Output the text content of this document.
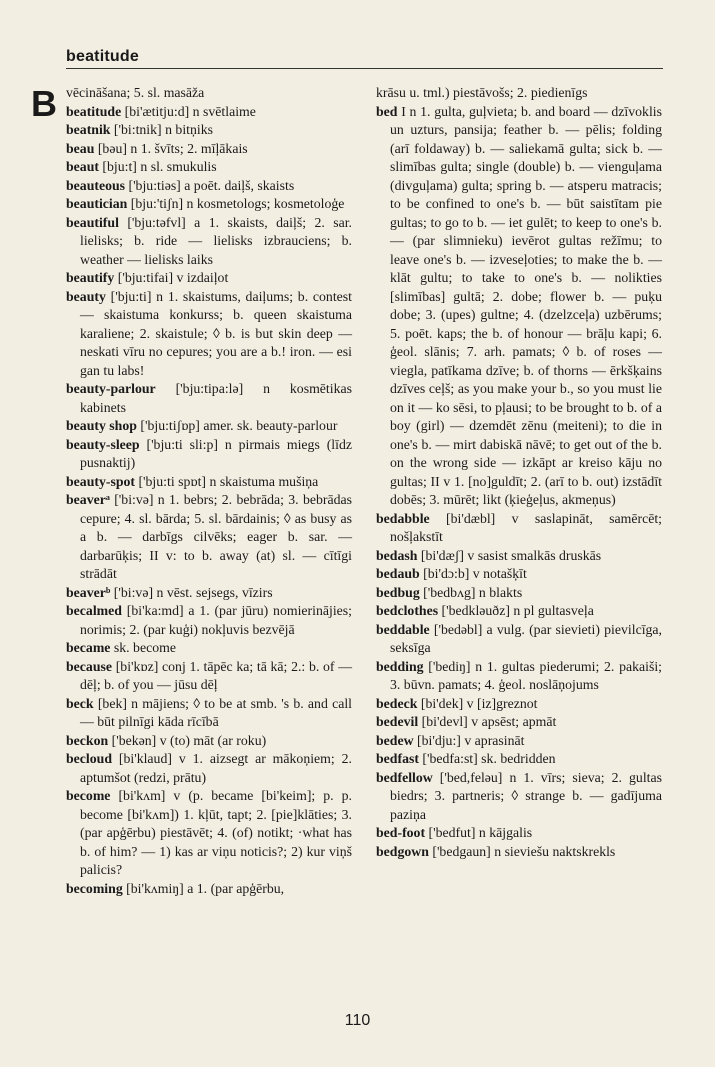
beatitude
B vēcināšana; 5. sl. masāža

beatitude [bi'ætitju:d] n svētlaime

beatnik ['bi:tnik] n bitņiks

beau [bəu] n 1. švīts; 2. mīļākais

beaut [bju:t] n sl. smukulis

beauteous ['bju:tiəs] a poēt. daiļš, skaists

beautician [bju:'tiʃn] n kosmetologs; kosmetoloģe

beautiful ['bju:təfvl] a 1. skaists, daiļš; 2. sar. lielisks; b. ride — lielisks izbrauciens; b. weather — lielisks laiks

beautify ['bju:tifai] v izdaiļot

beauty ['bju:ti] n 1. skaistums, daiļums; b. contest — skaistuma konkurss; b. queen skaistuma karaliene; 2. skaistule; ◊ b. is but skin deep — neskati vīru no cepures; you are a b.! iron. — esi gan tu labs!

beauty-parlour ['bju:tipa:lə] n kosmētikas kabinets

beauty shop ['bju:tiʃɒp] amer. sk. beauty-parlour

beauty-sleep ['bju:ti sli:p] n pirmais miegs (līdz pusnaktij)

beauty-spot ['bju:ti spɒt] n skaistuma mušiņa

beaverᵃ ['bi:və] n 1. bebrs; 2. bebrāda; 3. bebrādas cepure; 4. sl. bārda; 5. sl. bārdainis; ◊ as busy as a b. — darbīgs cilvēks; eager b. sar. — darbarūķis; II v: to b. away (at) sl. — cītīgi strādāt

beaverᵇ ['bi:və] n vēst. sejsegs, vīzirs

becalmed [bi'ka:md] a 1. (par jūru) nomierinājies; norimis; 2. (par kuģi) nokļuvis bezvējā

became sk. become

because [bi'kɒz] conj 1. tāpēc ka; tā kā; 2.: b. of — dēļ; b. of you — jūsu dēļ

beck [bek] n mājiens; ◊ to be at smb. 's b. and call — būt pilnīgi kāda rīcībā

beckon ['bekən] v (to) māt (ar roku)

becloud [bi'klaud] v 1. aizsegt ar mākoņiem; 2. aptumšot (redzi, prātu)

become [bi'kʌm] v (p. became [bi'keim]; p. p. become [bi'kʌm]) 1. kļūt, tapt; 2. [pie]klāties; 3. (par apģērbu) piestāvēt; 4. (of) notikt; ·what has b. of him? — 1) kas ar viņu noticis?; 2) kur viņš palicis?

becoming [bi'kʌmiŋ] a 1. (par apģērbu,

krāsu u. tml.) piestāvošs; 2. piedienīgs

bed I n 1. gulta, guļvieta; b. and board — dzīvoklis un uzturs, pansija; feather b. — pēlis; folding (arī foldaway) b. — saliekamā gulta; sick b. — slimības gulta; single (double) b. — vienguļama (divguļama) gulta; spring b. — atsperu matracis; to be confined to one's b. — būt saistītam pie gultas; to go to b. — iet gulēt; to keep to one's b. — (par slimnieku) ievērot gultas režīmu; to leave one's b. — izveseļoties; to make the b. — klāt gultu; to take to one's b. — nolikties [slimības] gultā; 2. dobe; flower b. — puķu dobe; 3. (upes) gultne; 4. (dzelzceļa) uzbērums; 5. poēt. kaps; the b. of honour — brāļu kapi; 6. ģeol. slānis; 7. arh. pamats; ◊ b. of roses — viegla, patīkama dzīve; b. of thorns — ērkšķains dzīves ceļš; as you make your b., so you must lie on it — ko sēsi, to pļausi; to be brought to b. of a boy (girl) — dzemdēt zēnu (meiteni); to die in one's b. — mirt dabiskā nāvē; to get out of the b. on the wrong side — izkāpt ar kreiso kāju no gultas; II v 1. [no]guldīt; 2. (arī to b. out) izstādīt dobēs; 3. mūrēt; likt (ķieģeļus, akmeņus)

bedabble [bi'dæbl] v saslapināt, samērcēt; nošļakstīt

bedash [bi'dæʃ] v sasist smalkās druskās

bedaub [bi'dɔ:b] v notašķīt

bedbug ['bedbʌg] n blakts

bedclothes ['bedkləuðz] n pl gultasveļa

beddable ['bedəbl] a vulg. (par sievieti) pievilcīga, seksīga

bedding ['bediŋ] n 1. gultas piederumi; 2. pakaiši; 3. būvn. pamats; 4. ģeol. noslāņojums

bedeck [bi'dek] v [iz]greznot

bedevil [bi'devl] v apsēst; apmāt

bedew [bi'dju:] v aprasināt

bedfast ['bedfa:st] sk. bedridden

bedfellow ['bed,feləu] n 1. vīrs; sieva; 2. gultas biedrs; 3. partneris; ◊ strange b. — gadījuma paziņa

bed-foot ['bedfut] n kājgalis

bedgown ['bedgaun] n sieviešu naktskrekls

110
